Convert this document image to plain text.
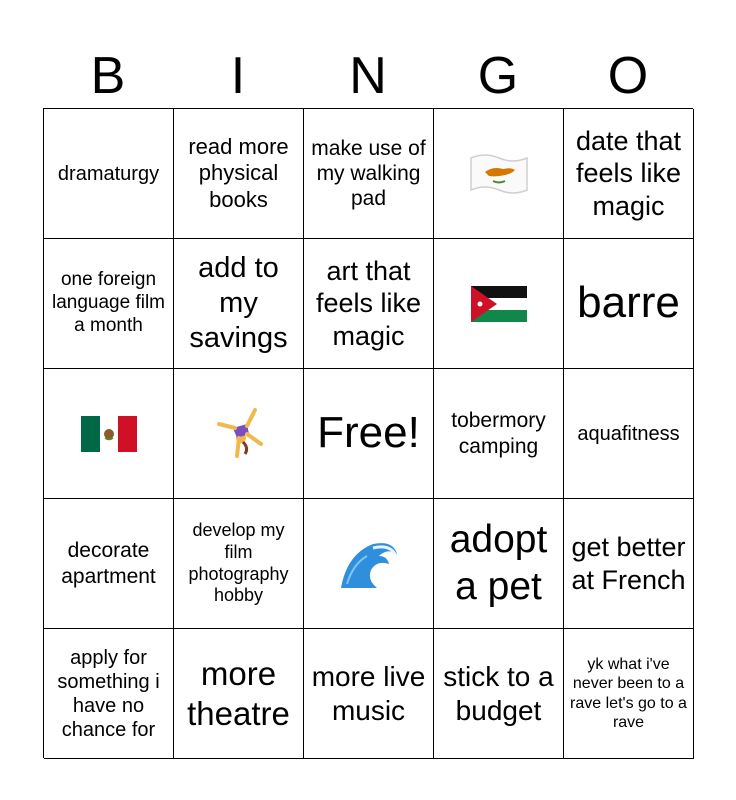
B	I	N	G	O
dramaturgy
read more physical books
make use of my walking pad
date that feels like magic
one foreign language film a month
add to my savings
art that feels like magic
barre
Free!	tobermory camping
aquafitness
decorate apartment
develop my film photography hobby
adopt a pet
get better at French
apply for something i have no chance for
more theatre
more live music
stick to a budget
yk what i've never been to a rave let's go to a rave
